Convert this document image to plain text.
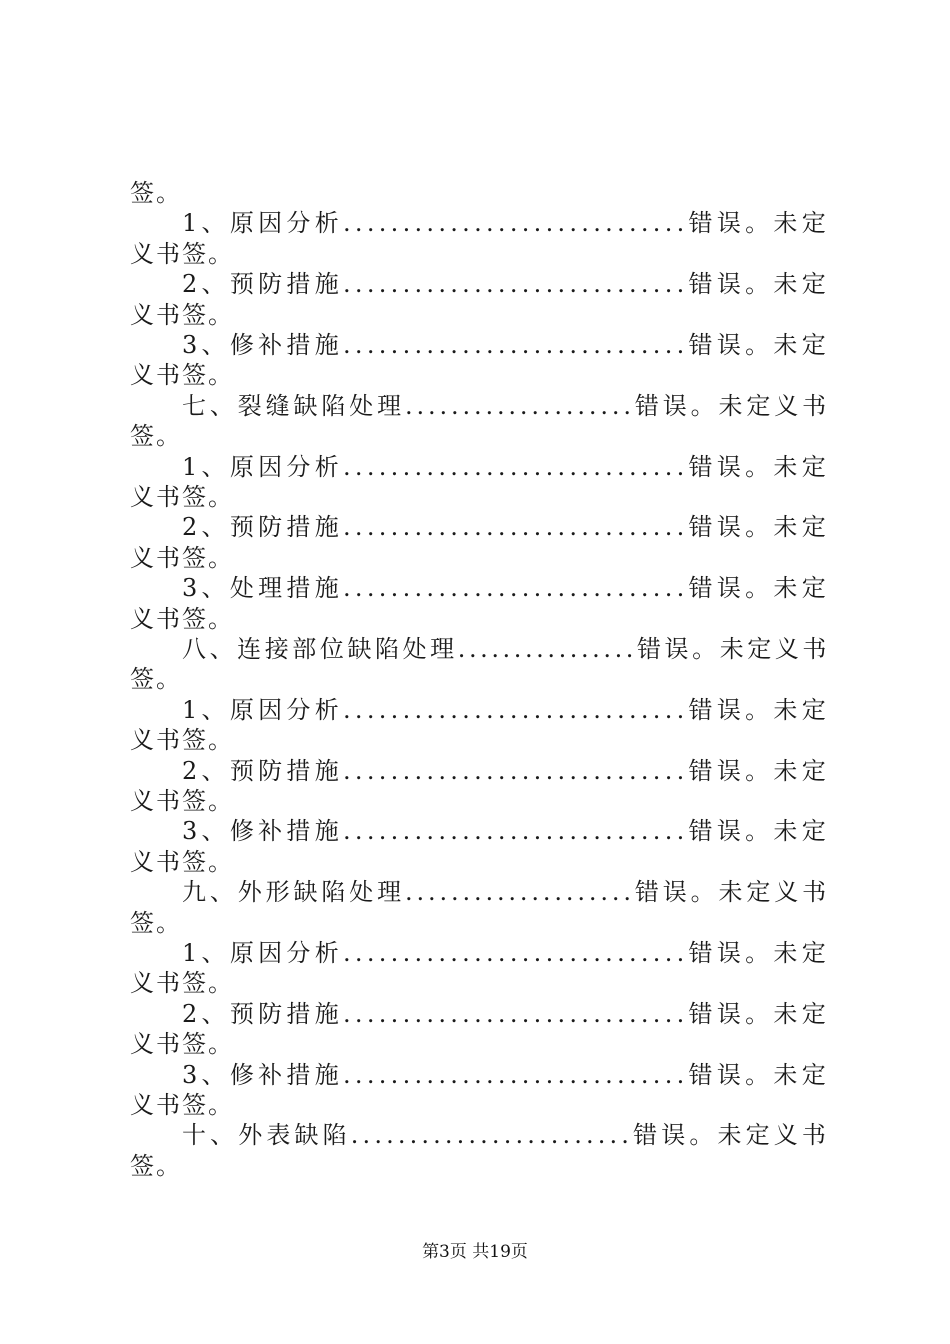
签。
1、原因分析.............................错误。未定
义书签。
2、预防措施.............................错误。未定
义书签。
3、修补措施.............................错误。未定
义书签。
七、裂缝缺陷处理....................错误。未定义书
签。
1、原因分析.............................错误。未定
义书签。
2、预防措施.............................错误。未定
义书签。
3、处理措施.............................错误。未定
义书签。
八、连接部位缺陷处理................错误。未定义书
签。
1、原因分析.............................错误。未定
义书签。
2、预防措施.............................错误。未定
义书签。
3、修补措施.............................错误。未定
义书签。
九、外形缺陷处理....................错误。未定义书
签。
1、原因分析.............................错误。未定
义书签。
2、预防措施.............................错误。未定
义书签。
3、修补措施.............................错误。未定
义书签。
十、外表缺陷........................错误。未定义书
签。
第3页 共19页
